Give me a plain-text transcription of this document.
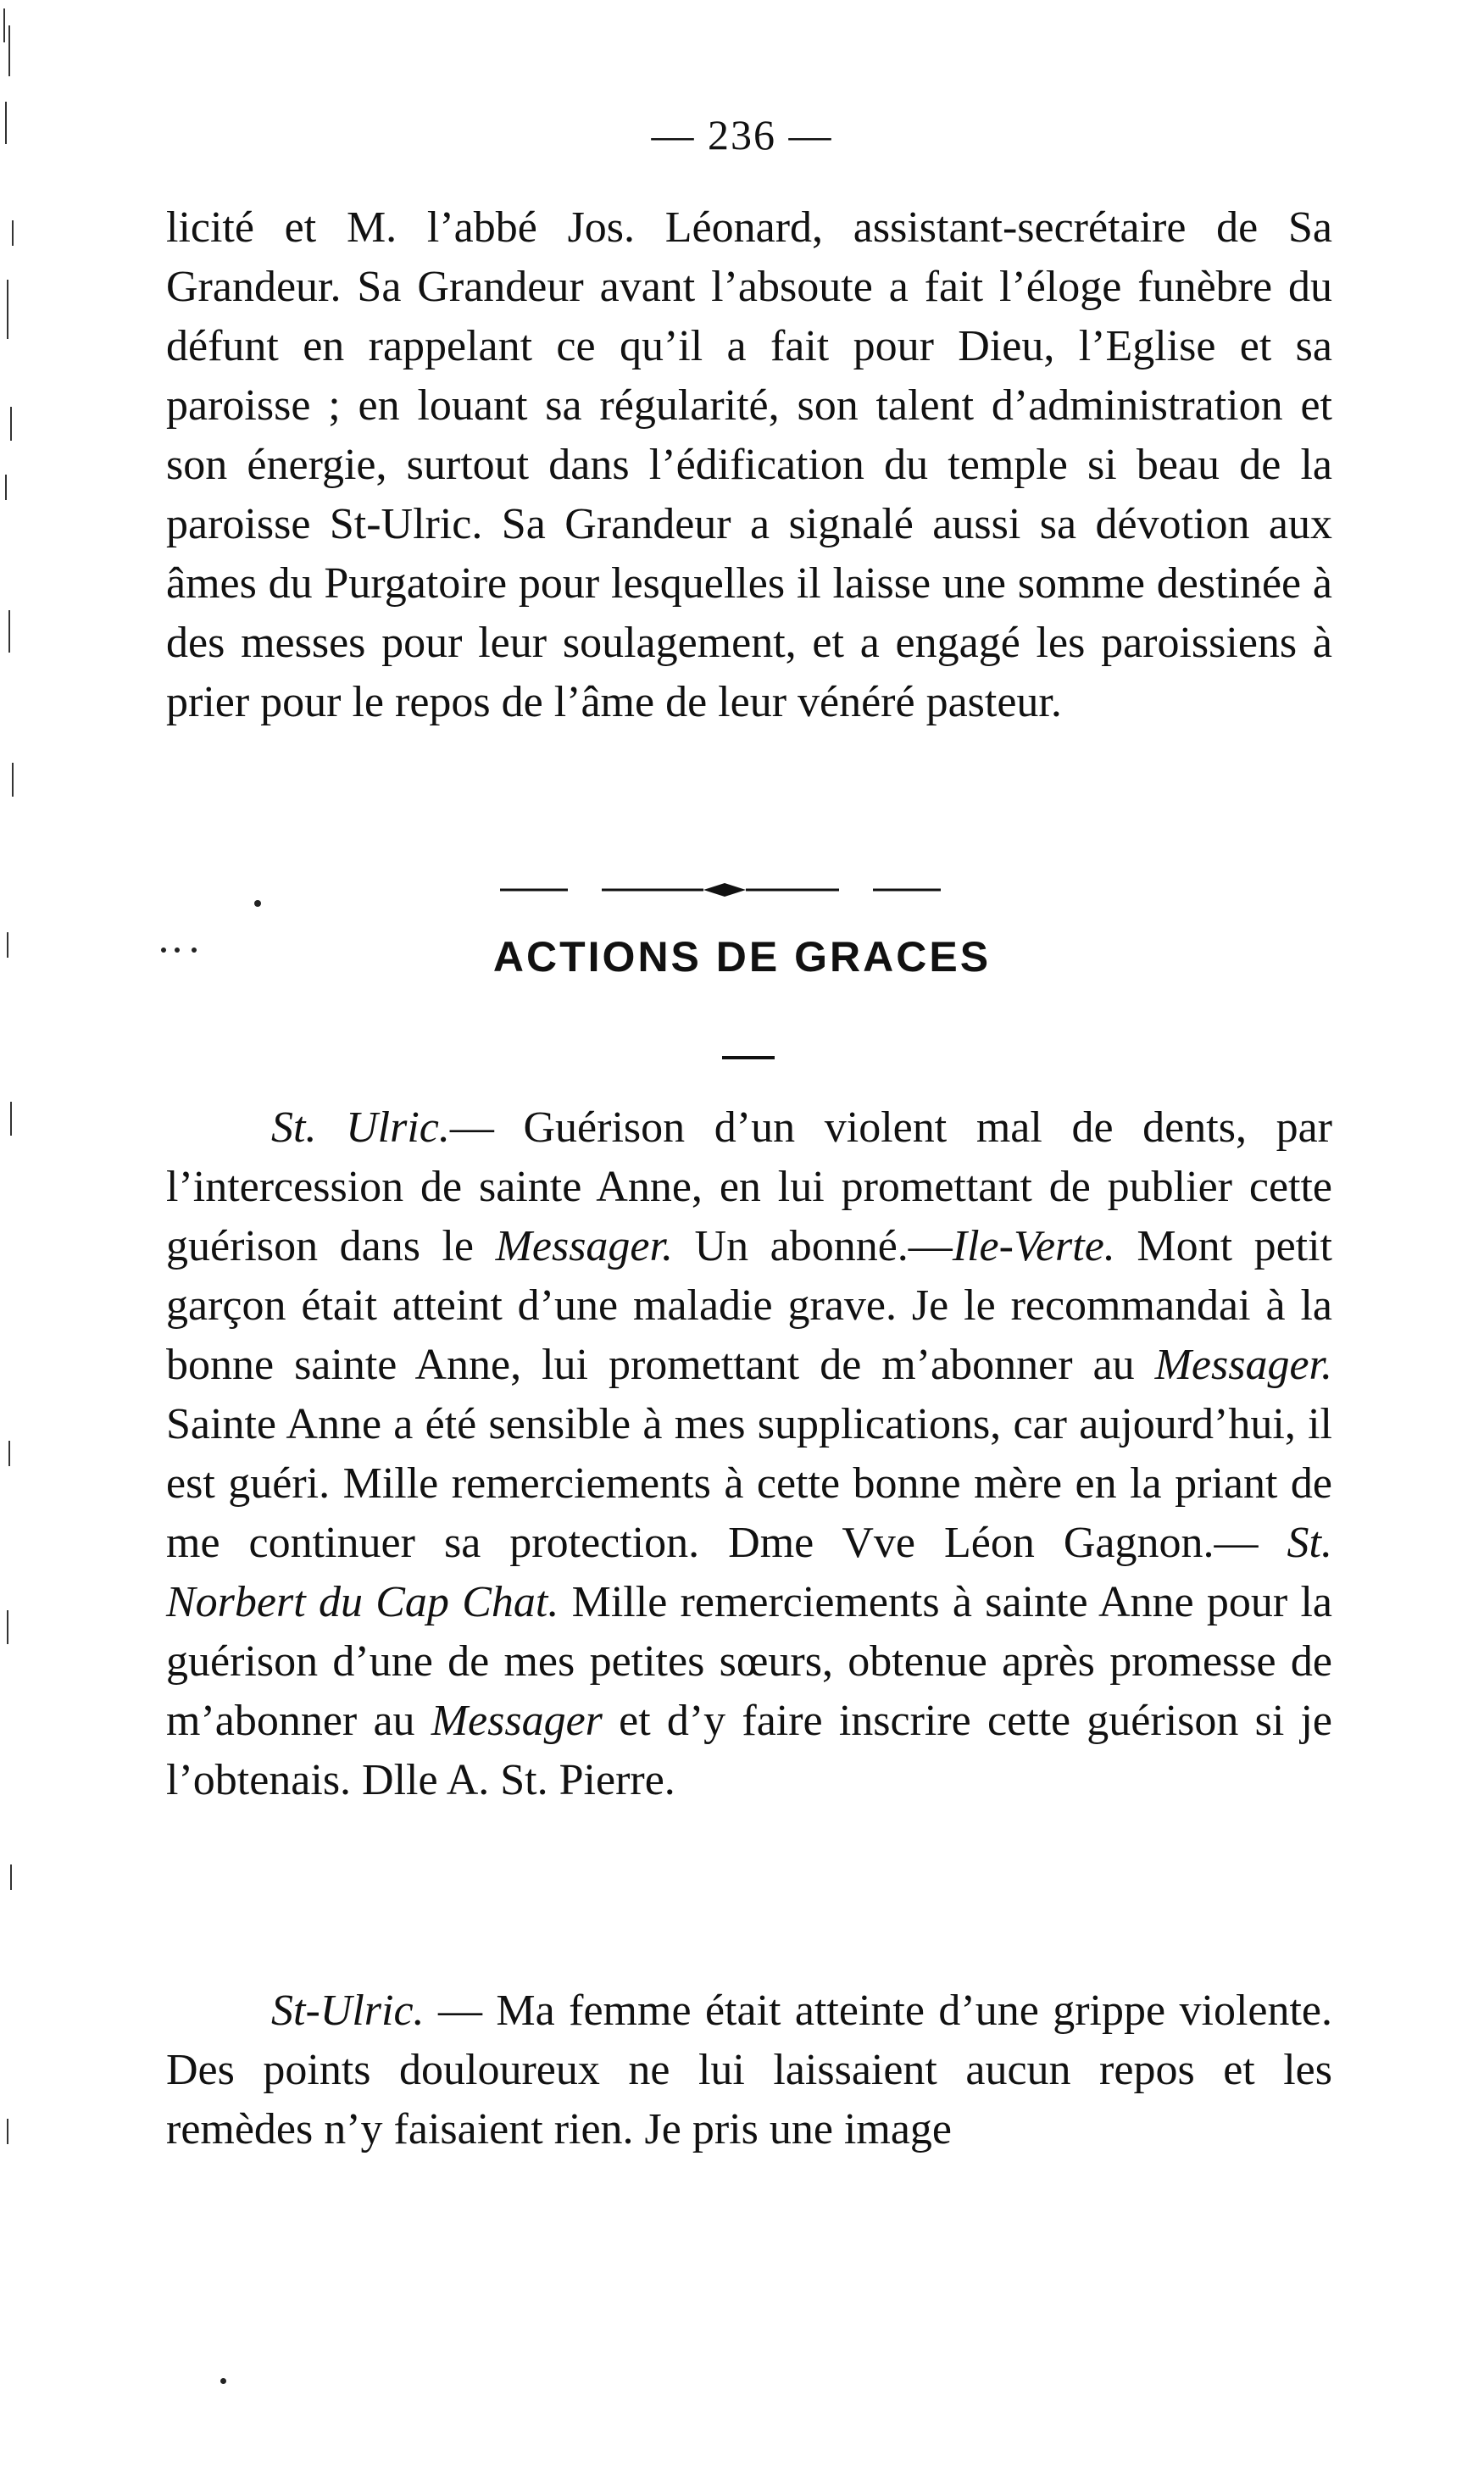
— 236 —

licité et M. l’abbé Jos. Léonard, assistant-secrétaire de Sa Grandeur. Sa Grandeur avant l’absoute a fait l’éloge funèbre du défunt en rappelant ce qu’il a fait pour Dieu, l’Eglise et sa paroisse ; en louant sa régularité, son talent d’administration et son énergie, surtout dans l’édification du temple si beau de la paroisse St-Ulric. Sa Grandeur a signalé aussi sa dévotion aux âmes du Purgatoire pour lesquelles il laisse une somme destinée à des messes pour leur soulagement, et a engagé les paroissiens à prier pour le repos de l’âme de leur vénéré pasteur.

ACTIONS DE GRACES

St. Ulric.— Guérison d’un violent mal de dents, par l’intercession de sainte Anne, en lui promettant de publier cette guérison dans le Messager. Un abonné.—Ile-Verte. Mont petit garçon était atteint d’une maladie grave. Je le recommandai à la bonne sainte Anne, lui promettant de m’abonner au Messager. Sainte Anne a été sensible à mes supplications, car aujourd’hui, il est guéri. Mille remerciements à cette bonne mère en la priant de me continuer sa protection. Dme Vve Léon Gagnon.— St. Norbert du Cap Chat. Mille remerciements à sainte Anne pour la guérison d’une de mes petites sœurs, obtenue après promesse de m’abonner au Messager et d’y faire inscrire cette guérison si je l’obtenais. Dlle A. St. Pierre.

St-Ulric. — Ma femme était atteinte d’une grippe violente. Des points douloureux ne lui laissaient aucun repos et les remèdes n’y faisaient rien. Je pris une image
